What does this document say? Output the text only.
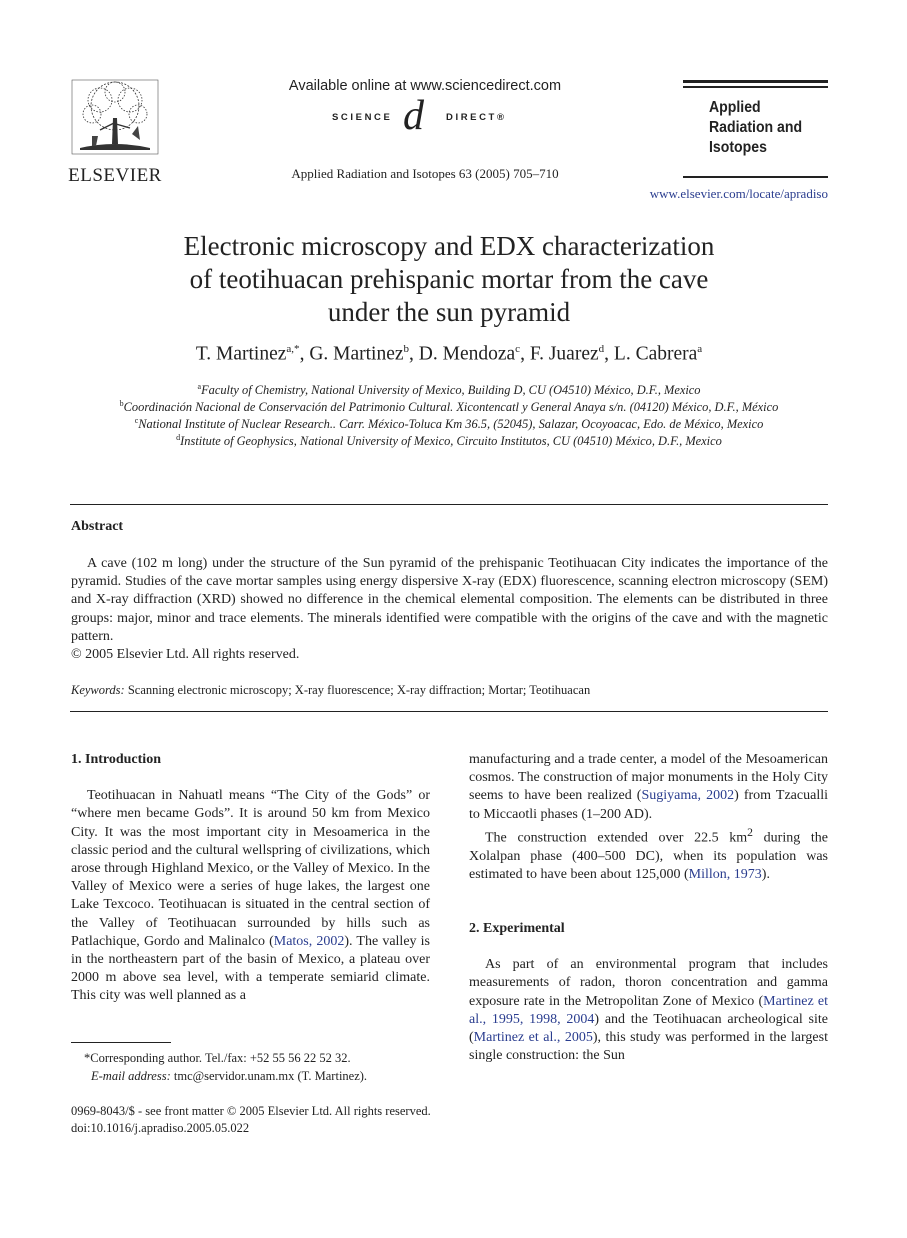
ELSEVIER
Available online at www.sciencedirect.com
SCIENCE d DIRECT®
Applied Radiation and Isotopes 63 (2005) 705–710
Applied
Radiation and
Isotopes
www.elsevier.com/locate/apradiso
Electronic microscopy and EDX characterization
of teotihuacan prehispanic mortar from the cave
under the sun pyramid
T. Martinez$^{a,*}$, G. Martinez$^b$, D. Mendoza$^c$, F. Juarez$^d$, L. Cabrera$^a$
$^a$Faculty of Chemistry, National University of Mexico, Building D, CU (O4510) México, D.F., Mexico
$^b$Coordinación Nacional de Conservación del Patrimonio Cultural. Xicontencatl y General Anaya s/n. (04120) México, D.F., México
$^c$National Institute of Nuclear Research.. Carr. México-Toluca Km 36.5, (52045), Salazar, Ocoyoacac, Edo. de México, Mexico
$^d$Institute of Geophysics, National University of Mexico, Circuito Institutos, CU (04510) México, D.F., Mexico
Abstract
A cave (102 m long) under the structure of the Sun pyramid of the prehispanic Teotihuacan City indicates the importance of the pyramid. Studies of the cave mortar samples using energy dispersive X-ray (EDX) fluorescence, scanning electron microscopy (SEM) and X-ray diffraction (XRD) showed no difference in the chemical elemental composition. The elements can be distributed in three groups: major, minor and trace elements. The minerals identified were compatible with the origins of the cave and with the magnetic pattern.
© 2005 Elsevier Ltd. All rights reserved.
Keywords: Scanning electronic microscopy; X-ray fluorescence; X-ray diffraction; Mortar; Teotihuacan
1. Introduction

Teotihuacan in Nahuatl means “The City of the Gods” or “where men became Gods”. It is around 50 km from Mexico City. It was the most important city in Mesoamerica in the classic period and the cultural wellspring of civilizations, which arose through Highland Mexico, or the Valley of Mexico. In the Valley of Mexico were a series of huge lakes, the largest one Lake Texcoco. Teotihuacan is situated in the central section of the Valley of Teotihuacan surrounded by hills such as Patlachique, Gordo and Malinalco (Matos, 2002). The valley is in the northeastern part of the basin of Mexico, a plateau over 2000 m above sea level, with a temperate semiarid climate. This city was well planned as a

manufacturing and a trade center, a model of the Mesoamerican cosmos. The construction of major monuments in the Holy City seems to have been realized (Sugiyama, 2002) from Tzacualli to Miccaotli phases (1–200 AD).

The construction extended over 22.5 $km^2$ during the Xolalpan phase (400–500 DC), when its population was estimated to have been about 125,000 (Millon, 1973).

2. Experimental

As part of an environmental program that includes measurements of radon, thoron concentration and gamma exposure rate in the Metropolitan Zone of Mexico (Martinez et al., 1995, 1998, 2004) and the Teotihuacan archeological site (Martinez et al., 2005), this study was performed in the largest single construction: the Sun

*Corresponding author. Tel./fax: +52 55 56 22 52 32.
E-mail address: tmc@servidor.unam.mx (T. Martinez).
0969-8043/$ - see front matter © 2005 Elsevier Ltd. All rights reserved.
doi:10.1016/j.apradiso.2005.05.022
